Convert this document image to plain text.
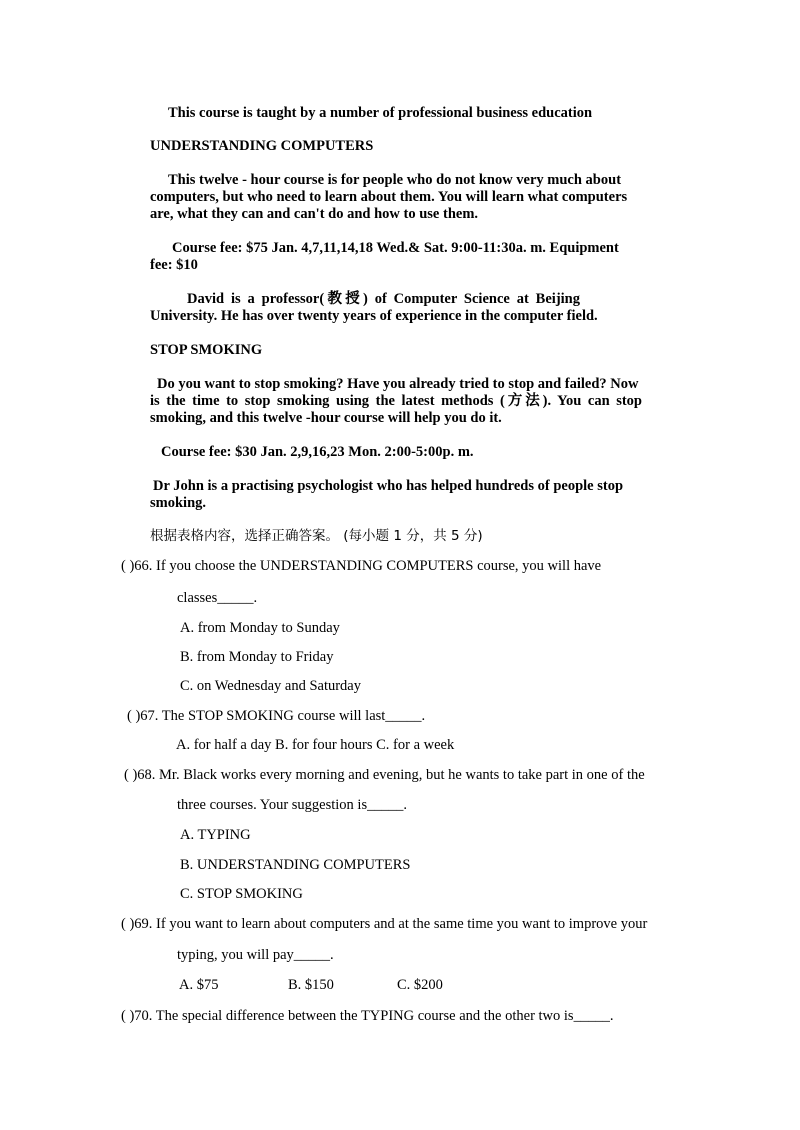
This course is taught by a number of professional business education
UNDERSTANDING COMPUTERS
This twelve - hour course is for people who do not know very much about
computers, but who need to learn about them. You will learn what computers
are, what they can and can't do and how to use them.
Course fee: $75 Jan. 4,7,11,14,18 Wed.& Sat. 9:00-11:30a. m. Equipment
fee: $10
David is a professor(教授) of Computer Science at Beijing
University. He has over twenty years of experience in the computer field.
STOP SMOKING
Do you want to stop smoking? Have you already tried to stop and failed? Now
is the time to stop smoking using the latest methods (方法). You can stop
smoking, and this twelve -hour course will help you do it.
Course fee: $30 Jan. 2,9,16,23 Mon. 2:00-5:00p. m.
Dr John is a practising psychologist who has helped hundreds of people stop
smoking.
根据表格内容，选择正确答案。 (每小题 1 分，共 5 分)
( )66. If you choose the UNDERSTANDING COMPUTERS course, you will have
classes_____.
A. from Monday to Sunday
B. from Monday to Friday
C. on Wednesday and Saturday
( )67. The STOP SMOKING course will last_____.
A. for half a day B. for four hours C. for a week
( )68. Mr. Black works every morning and evening, but he wants to take part in one of the
three courses. Your suggestion is_____.
A. TYPING
B. UNDERSTANDING COMPUTERS
C. STOP SMOKING
( )69. If you want to learn about computers and at the same time you want to improve your
typing, you will pay_____.
A. $75	B. $150	C. $200
( )70. The special difference between the TYPING course and the other two is_____.
